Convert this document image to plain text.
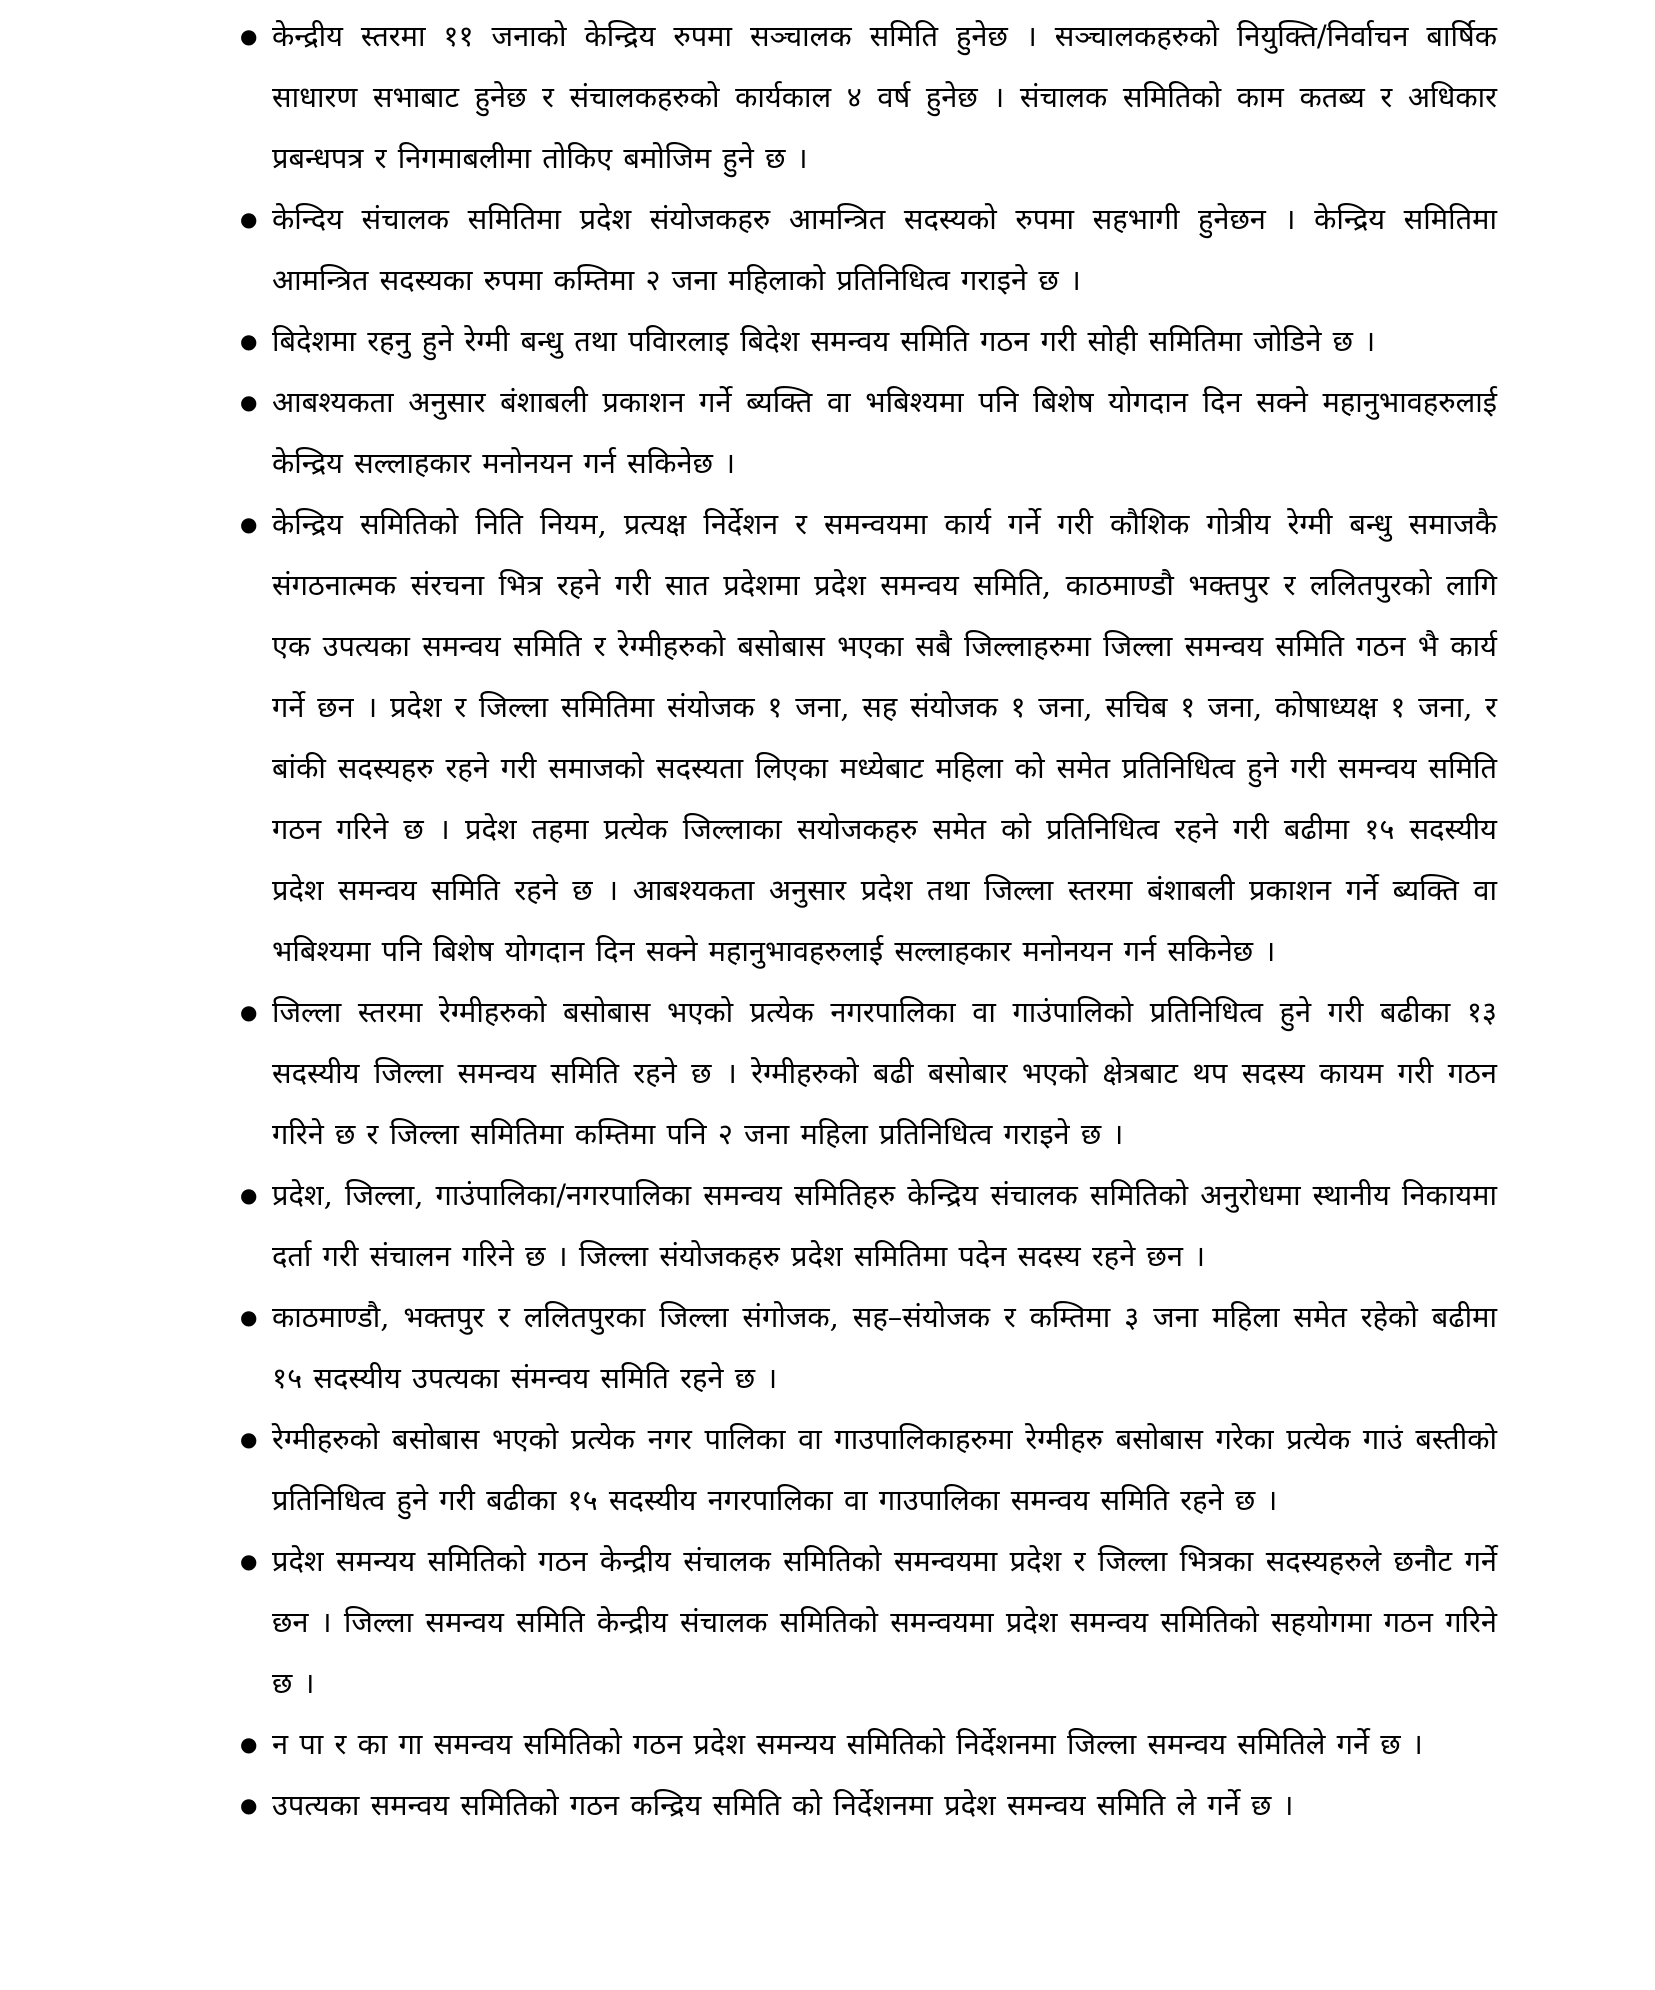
● केन्द्रीय स्तरमा ११ जनाको केन्द्रिय रुपमा सञ्चालक समिति हुनेछ । सञ्चालकहरुको नियुक्ति/निर्वाचन बार्षिक साधारण सभाबाट हुनेछ र संचालकहरुको कार्यकाल ४ वर्ष हुनेछ । संचालक समितिको काम कतब्य र अधिकार प्रबन्धपत्र र निगमाबलीमा तोकिए बमोजिम हुने छ ।
● केन्दिय संचालक समितिमा प्रदेश संयोजकहरु आमन्त्रित सदस्यको रुपमा सहभागी हुनेछन । केन्द्रिय समितिमा आमन्त्रित सदस्यका रुपमा कम्तिमा २ जना महिलाको प्रतिनिधित्व गराइने छ ।
● बिदेशमा रहनु हुने रेग्मी बन्धु तथा पविारलाइ बिदेश समन्वय समिति गठन गरी सोही समितिमा जोडिने छ ।
● आबश्यकता अनुसार बंशाबली प्रकाशन गर्ने ब्यक्ति वा भबिश्यमा पनि बिशेष योगदान दिन सक्ने महानुभावहरुलाई केन्द्रिय सल्लाहकार मनोनयन गर्न सकिनेछ ।
● केन्द्रिय समितिको निति नियम, प्रत्यक्ष निर्देशन र समन्वयमा कार्य गर्ने गरी कौशिक गोत्रीय रेग्मी बन्धु समाजकै संगठनात्मक संरचना भित्र रहने गरी सात प्रदेशमा प्रदेश समन्वय समिति, काठमाण्डौ भक्तपुर र ललितपुरको लागि एक उपत्यका समन्वय समिति र रेग्मीहरुको बसोबास भएका सबै जिल्लाहरुमा जिल्ला समन्वय समिति गठन भै कार्य गर्ने छन । प्रदेश र जिल्ला समितिमा संयोजक १ जना, सह संयोजक १ जना, सचिब १ जना, कोषाध्यक्ष १ जना, र बांकी सदस्यहरु रहने गरी समाजको सदस्यता लिएका मध्येबाट महिला को समेत प्रतिनिधित्व हुने गरी समन्वय समिति गठन गरिने छ । प्रदेश तहमा प्रत्येक जिल्लाका सयोजकहरु समेत को प्रतिनिधित्व रहने गरी बढीमा १५ सदस्यीय प्रदेश समन्वय समिति रहने छ । आबश्यकता अनुसार प्रदेश तथा जिल्ला स्तरमा बंशाबली प्रकाशन गर्ने ब्यक्ति वा भबिश्यमा पनि बिशेष योगदान दिन सक्ने महानुभावहरुलाई सल्लाहकार मनोनयन गर्न सकिनेछ ।
● जिल्ला स्तरमा रेग्मीहरुको बसोबास भएको प्रत्येक नगरपालिका वा गाउंपालिको प्रतिनिधित्व हुने गरी बढीका १३ सदस्यीय जिल्ला समन्वय समिति रहने छ । रेग्मीहरुको बढी बसोबार भएको क्षेत्रबाट थप सदस्य कायम गरी गठन गरिने छ र जिल्ला समितिमा कम्तिमा पनि २ जना महिला प्रतिनिधित्व गराइने छ ।
● प्रदेश, जिल्ला, गाउंपालिका/नगरपालिका समन्वय समितिहरु केन्द्रिय संचालक समितिको अनुरोधमा स्थानीय निकायमा दर्ता गरी संचालन गरिने छ । जिल्ला संयोजकहरु प्रदेश समितिमा पदेन सदस्य रहने छन ।
● काठमाण्डौ, भक्तपुर र ललितपुरका जिल्ला संगोजक, सह–संयोजक र कम्तिमा ३ जना महिला समेत रहेको बढीमा १५ सदस्यीय उपत्यका संमन्वय समिति रहने छ ।
● रेग्मीहरुको बसोबास भएको प्रत्येक नगर पालिका वा गाउपालिकाहरुमा रेग्मीहरु बसोबास गरेका प्रत्येक गाउं बस्तीको प्रतिनिधित्व हुने गरी बढीका १५ सदस्यीय नगरपालिका वा गाउपालिका समन्वय समिति रहने छ ।
● प्रदेश समन्यय समितिको गठन केन्द्रीय संचालक समितिको समन्वयमा प्रदेश र जिल्ला भित्रका सदस्यहरुले छनौट गर्ने छन । जिल्ला समन्वय समिति केन्द्रीय संचालक समितिको समन्वयमा प्रदेश समन्वय समितिको सहयोगमा गठन गरिने छ ।
● न पा र का गा समन्वय समितिको गठन प्रदेश समन्यय समितिको निर्देशनमा जिल्ला समन्वय समितिले गर्ने छ ।
● उपत्यका समन्वय समितिको गठन कन्द्रिय समिति को निर्देशनमा प्रदेश समन्वय समिति ले गर्ने छ ।
